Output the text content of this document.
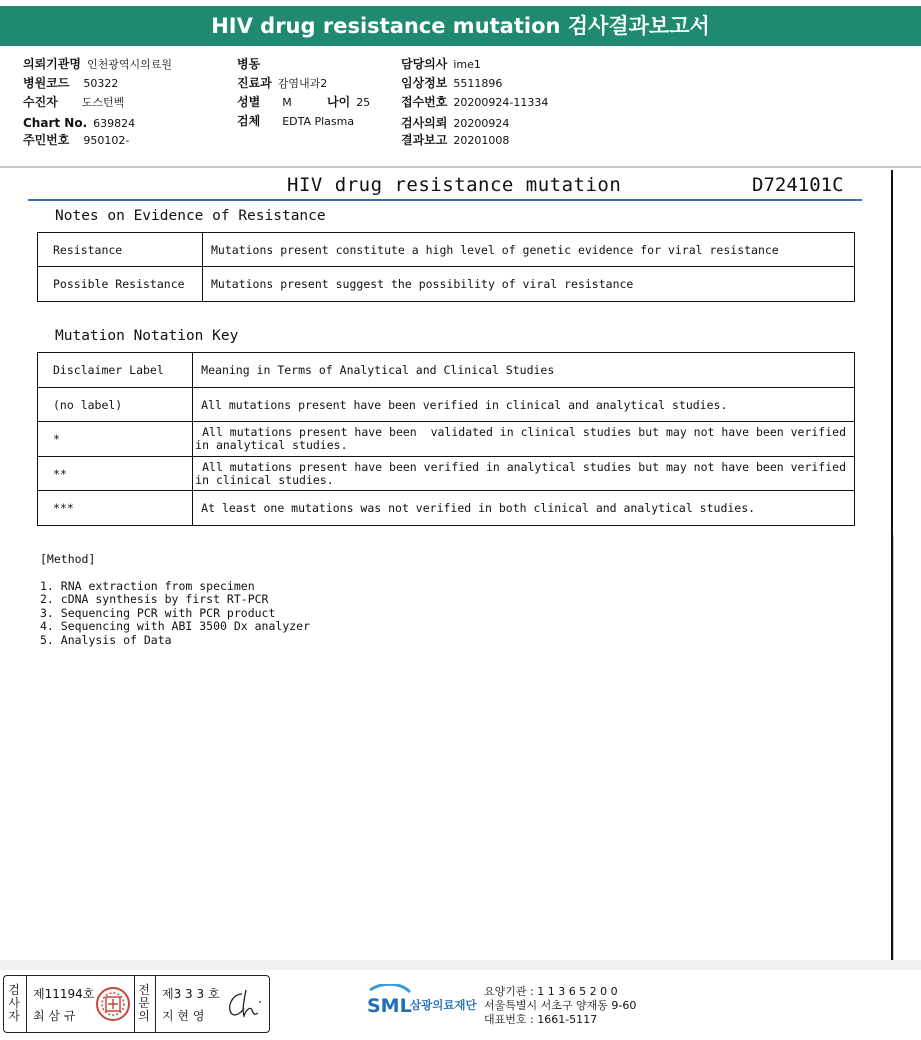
HIV drug resistance mutation 검사결과보고서
의뢰기관명 인천광역시의료원
병원코드 50322
수진자 도스턴벡
Chart No. 639824
주민번호 950102-
병동
진료과 감염내과2
성별 M	나이 25
검체 EDTA Plasma
담당의사 ime1
임상정보 5511896
접수번호 20200924-11334
검사의뢰 20200924
결과보고 20201008
HIV drug resistance mutation	D724101C
Notes on Evidence of Resistance
Resistance	Mutations present constitute a high level of genetic evidence for viral resistance
Possible Resistance	Mutations present suggest the possibility of viral resistance
Mutation Notation Key
Disclaimer Label	Meaning in Terms of Analytical and Clinical Studies
(no label)	All mutations present have been verified in clinical and analytical studies.

*	All mutations present have been  validated in clinical studies but may not have been verified
in analytical studies.

**	All mutations present have been verified in analytical studies but may not have been verified
in clinical studies.

***	At least one mutations was not verified in both clinical and analytical studies.
[Method]
1. RNA extraction from specimen
2. cDNA synthesis by first RT-PCR
3. Sequencing PCR with PCR product
4. Sequencing with ABI 3500 Dx analyzer
5. Analysis of Data
검사자
제11194호
최 삼 규
전문의
제3 3 3 호
지 현 영	SML
삼광의료재단
요양기관 : 1 1 3 6 5 2 0 0
서울특별시 서초구 양재동 9-60
대표번호 : 1661-5117
